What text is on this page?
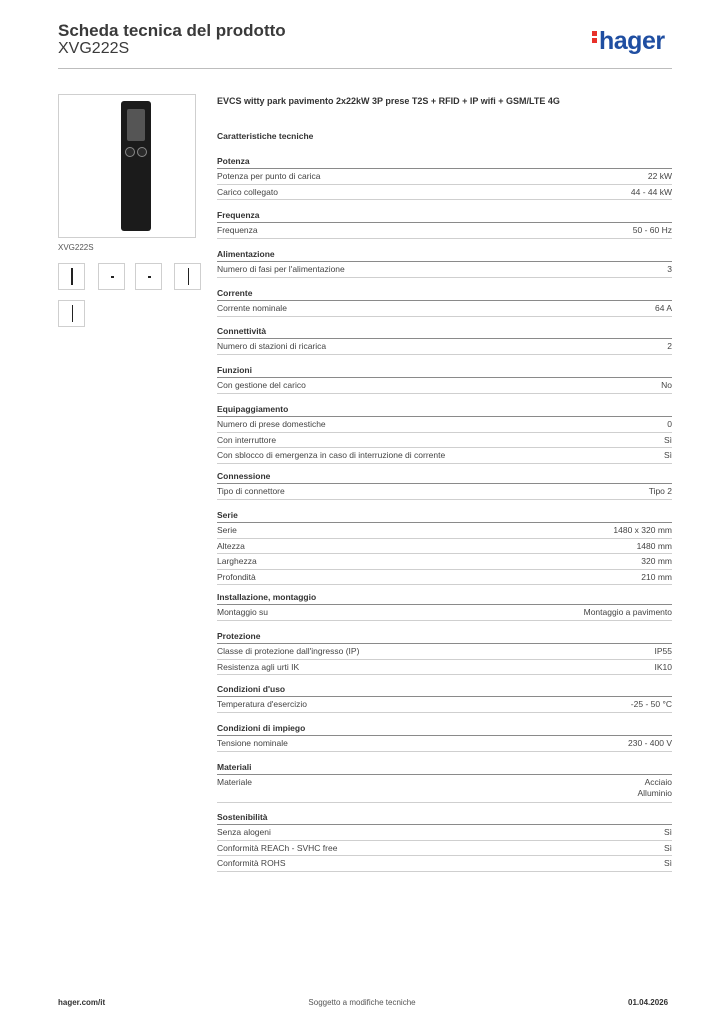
Scheda tecnica del prodotto
XVG222S	hager
XVG222S
EVCS witty park pavimento 2x22kW 3P prese T2S + RFID + IP wifi + GSM/LTE 4G
Caratteristiche tecniche
Potenza
Potenza per punto di carica	22 kW
Carico collegato	44 - 44 kW
Frequenza
Frequenza	50 - 60 Hz
Alimentazione
Numero di fasi per l'alimentazione	3
Corrente
Corrente nominale	64 A
Connettività
Numero di stazioni di ricarica	2
Funzioni
Con gestione del carico	No
Equipaggiamento
Numero di prese domestiche	0
Con interruttore	Sì
Con sblocco di emergenza in caso di interruzione di corrente	Sì
Connessione
Tipo di connettore	Tipo 2
Serie
Serie	1480 x 320 mm
Altezza	1480 mm
Larghezza	320 mm
Profondità	210 mm
Installazione, montaggio
Montaggio su	Montaggio a pavimento
Protezione
Classe di protezione dall'ingresso (IP)	IP55
Resistenza agli urti IK	IK10
Condizioni d'uso
Temperatura d'esercizio	-25 - 50 °C
Condizioni di impiego
Tensione nominale	230 - 400 V
Materiali
Materiale	Acciaio
Alluminio
Sostenibilità
Senza alogeni	Sì
Conformità REACh - SVHC free	Sì
Conformità ROHS	Sì
Soggetto a modifiche tecniche
hager.com/it	01.04.2026
